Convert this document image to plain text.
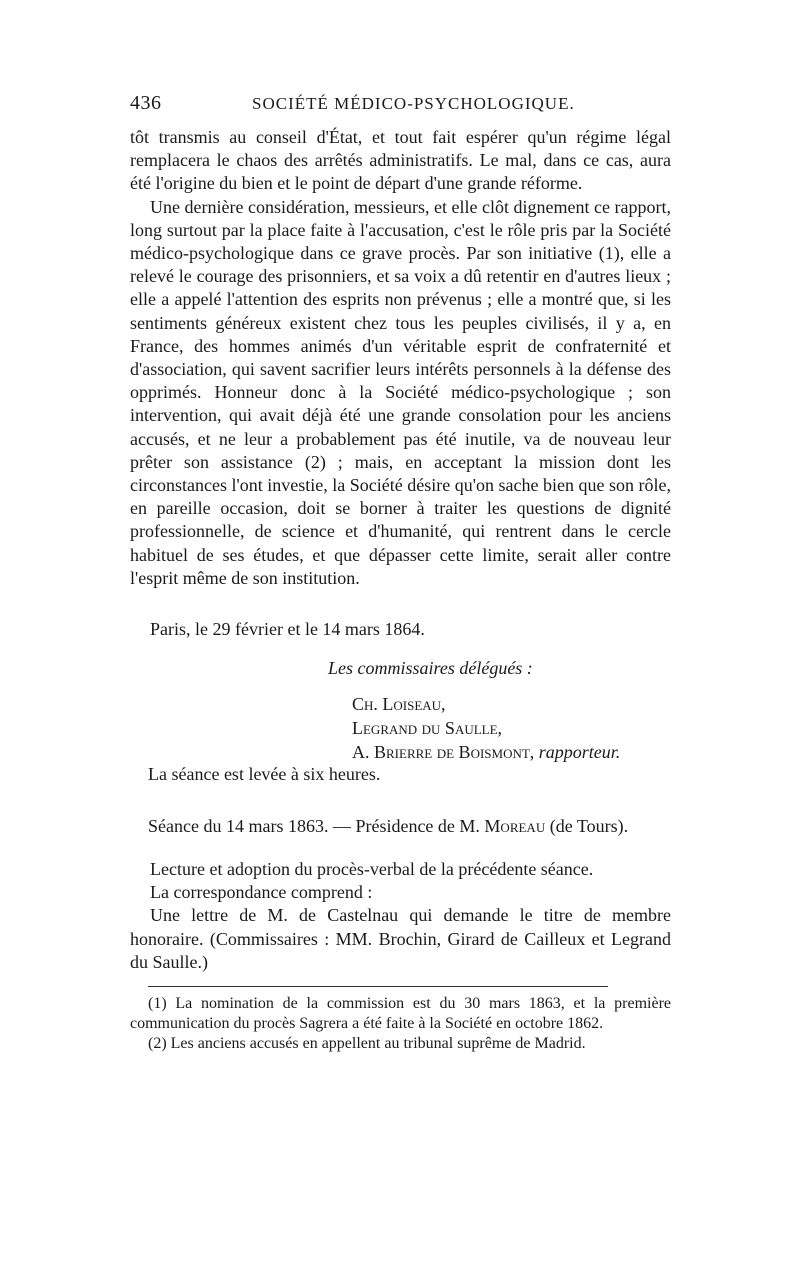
436	SOCIÉTÉ MÉDICO-PSYCHOLOGIQUE.

tôt transmis au conseil d'État, et tout fait espérer qu'un régime légal remplacera le chaos des arrêtés administratifs. Le mal, dans ce cas, aura été l'origine du bien et le point de départ d'une grande réforme.

Une dernière considération, messieurs, et elle clôt dignement ce rapport, long surtout par la place faite à l'accusation, c'est le rôle pris par la Société médico-psychologique dans ce grave procès. Par son initiative (1), elle a relevé le courage des prisonniers, et sa voix a dû retentir en d'autres lieux ; elle a appelé l'attention des esprits non prévenus ; elle a montré que, si les sentiments généreux existent chez tous les peuples civilisés, il y a, en France, des hommes animés d'un véritable esprit de confraternité et d'association, qui savent sacrifier leurs intérêts personnels à la défense des opprimés. Honneur donc à la Société médico-psychologique ; son intervention, qui avait déjà été une grande consolation pour les anciens accusés, et ne leur a probablement pas été inutile, va de nouveau leur prêter son assistance (2) ; mais, en acceptant la mission dont les circonstances l'ont investie, la Société désire qu'on sache bien que son rôle, en pareille occasion, doit se borner à traiter les questions de dignité professionnelle, de science et d'humanité, qui rentrent dans le cercle habituel de ses études, et que dépasser cette limite, serait aller contre l'esprit même de son institution.

Paris, le 29 février et le 14 mars 1864.

Les commissaires délégués :

Ch. Loiseau,

Legrand du Saulle,

A. Brierre de Boismont, rapporteur.

La séance est levée à six heures.

Séance du 14 mars 1863. — Présidence de M. Moreau (de Tours).

Lecture et adoption du procès-verbal de la précédente séance.

La correspondance comprend :

Une lettre de M. de Castelnau qui demande le titre de membre honoraire. (Commissaires : MM. Brochin, Girard de Cailleux et Legrand du Saulle.)

(1) La nomination de la commission est du 30 mars 1863, et la première communication du procès Sagrera a été faite à la Société en octobre 1862.

(2) Les anciens accusés en appellent au tribunal suprême de Madrid.
